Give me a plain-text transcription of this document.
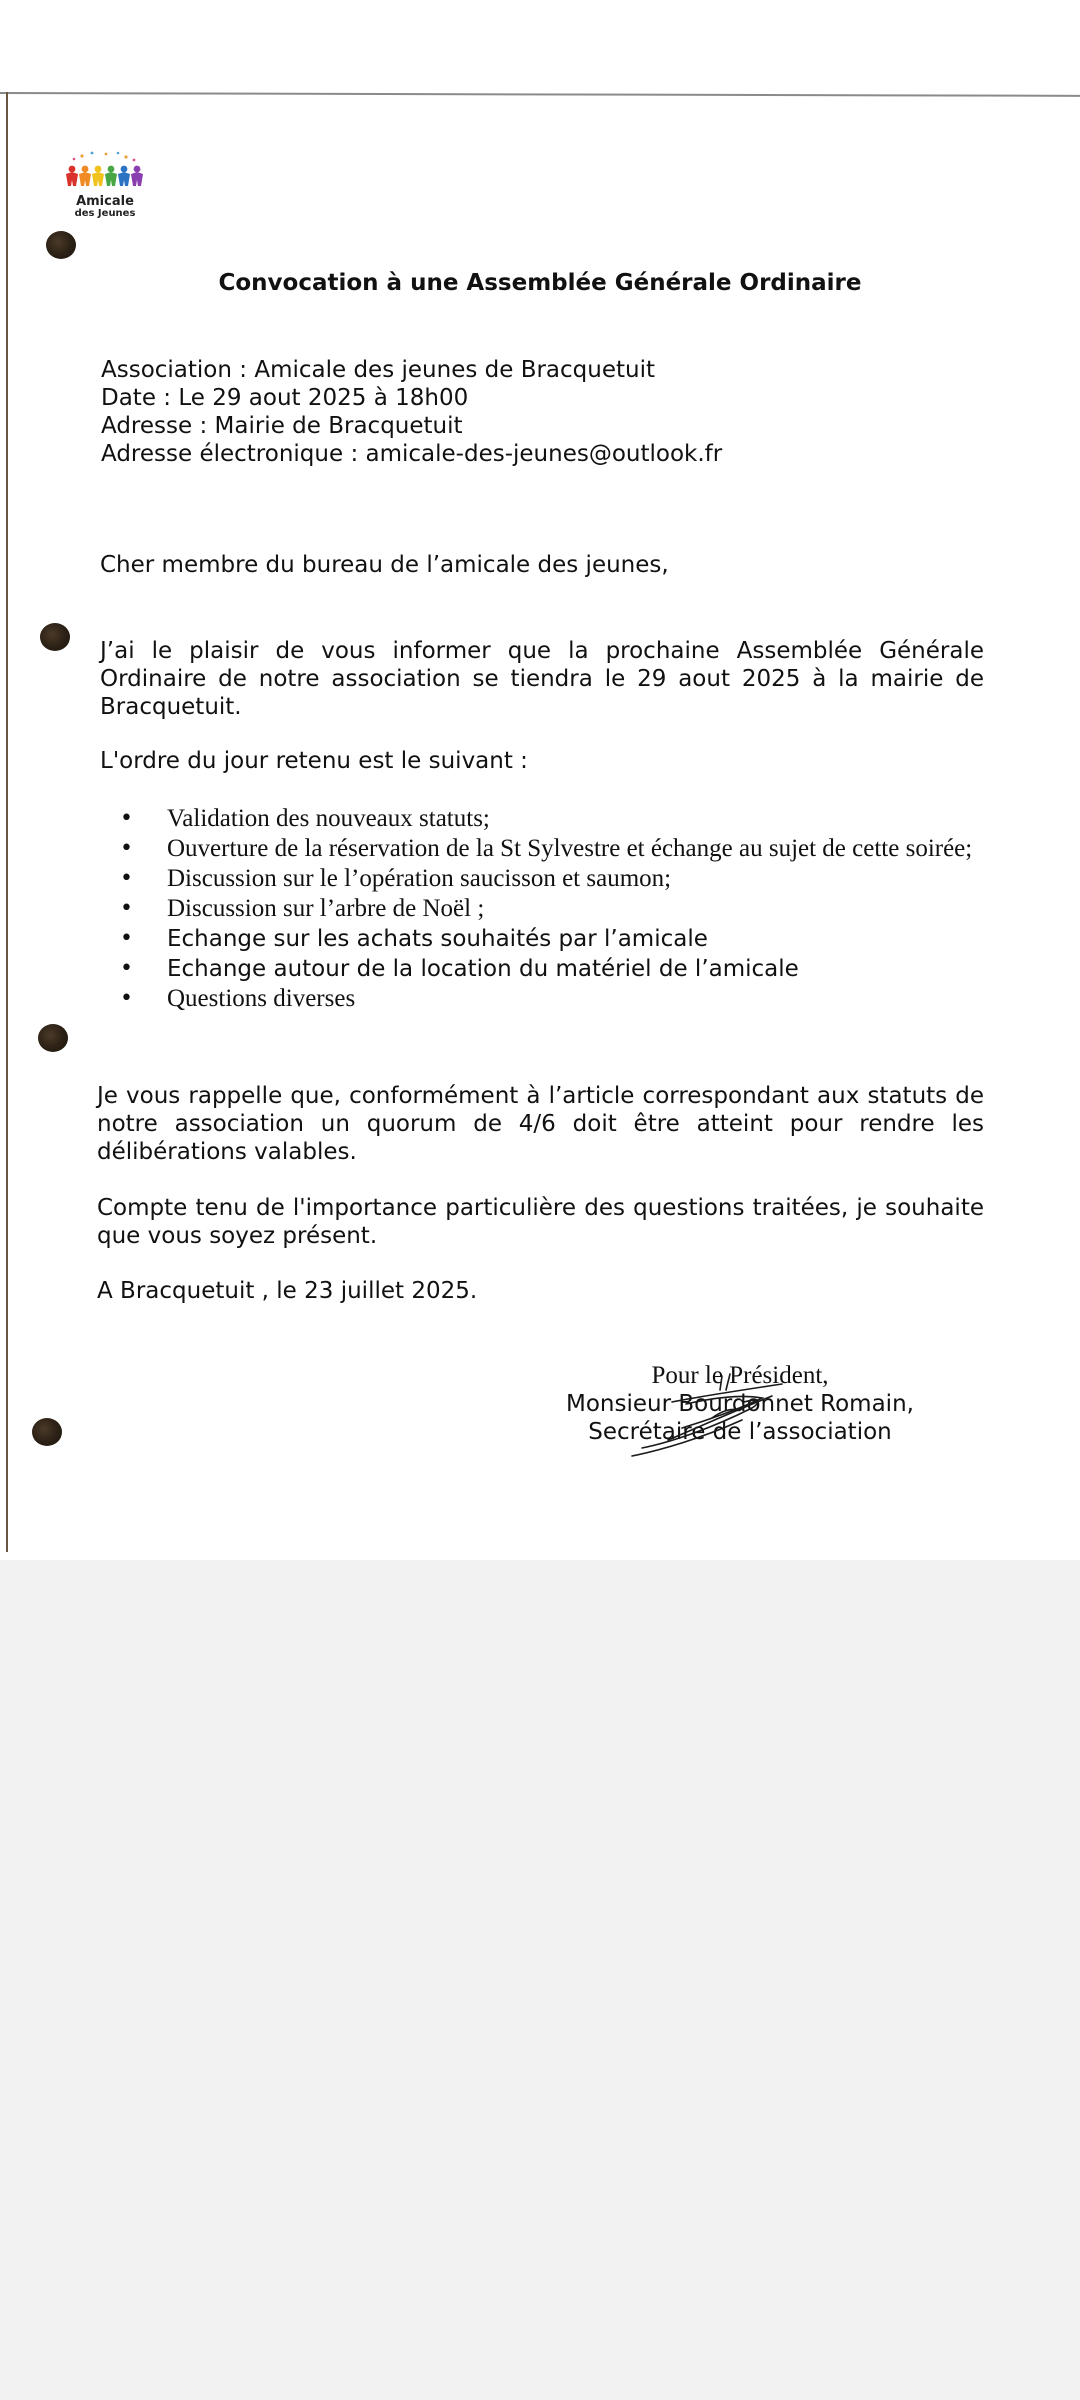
Amicale
des Jeunes
Convocation à une Assemblée Générale Ordinaire
Association : Amicale des jeunes de Bracquetuit
Date : Le 29 aout 2025 à 18h00
Adresse : Mairie de Bracquetuit
Adresse électronique : amicale-des-jeunes@outlook.fr
Cher membre du bureau de l’amicale des jeunes,
J’ai le plaisir de vous informer que la prochaine Assemblée Générale Ordinaire de notre association se tiendra le 29 aout 2025 à la mairie de Bracquetuit.
L'ordre du jour retenu est le suivant :
• Validation des nouveaux statuts;
• Ouverture de la réservation de la St Sylvestre et échange au sujet de cette soirée;
• Discussion sur le l’opération saucisson et saumon;
• Discussion sur l’arbre de Noël ;
• Echange sur les achats souhaités par l’amicale
• Echange autour de la location du matériel de l’amicale
• Questions diverses
Je vous rappelle que, conformément à l’article correspondant aux statuts de notre association un quorum de 4/6 doit être atteint pour rendre les délibérations valables.
Compte tenu de l'importance particulière des questions traitées, je souhaite que vous soyez présent.
A Bracquetuit , le 23 juillet 2025.
Pour le Président,
Monsieur Bourdonnet Romain,
Secrétaire de l’association
